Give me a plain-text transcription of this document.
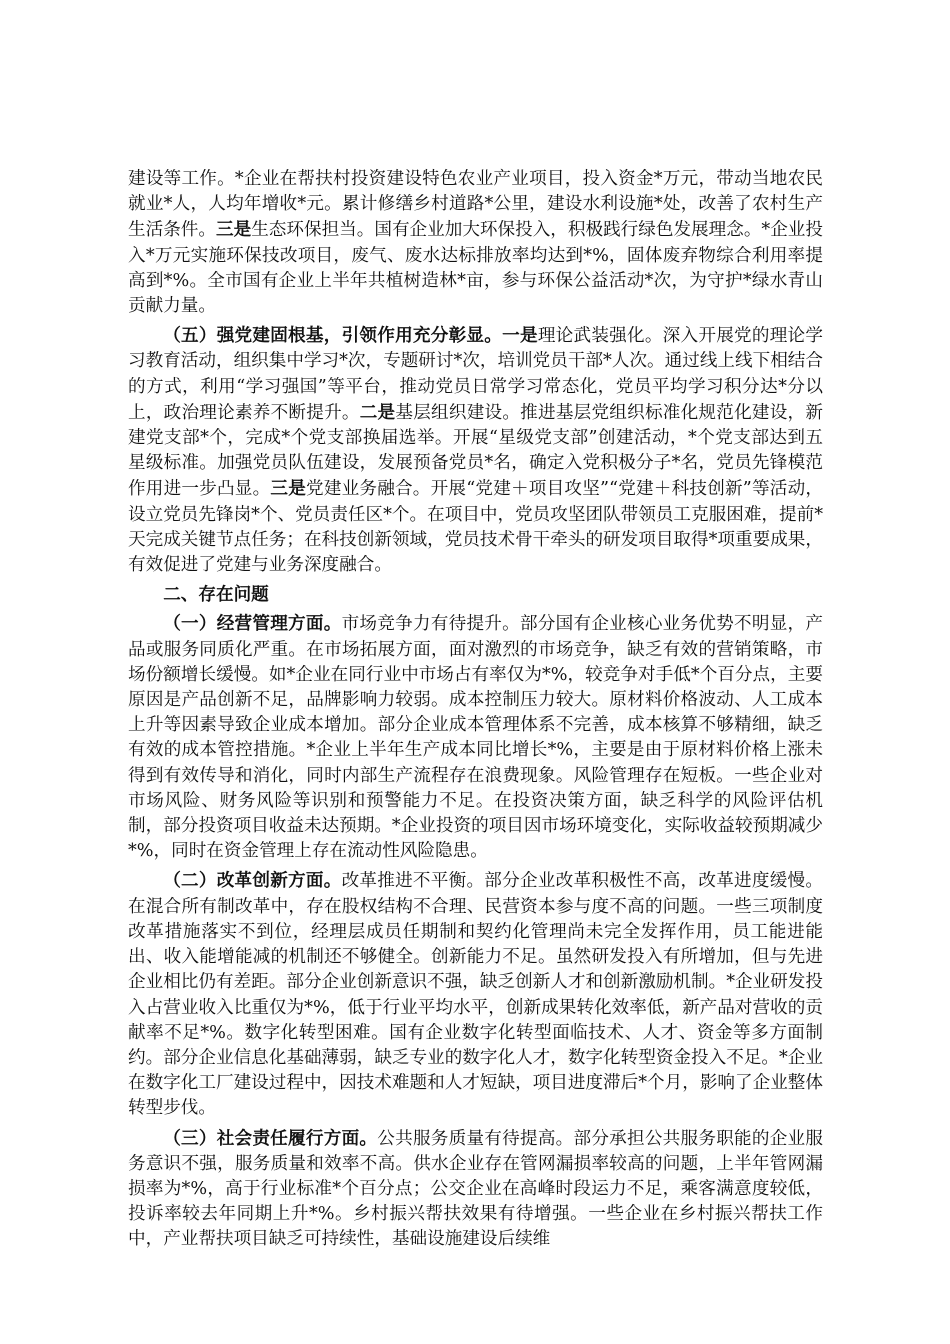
建设等工作。*企业在帮扶村投资建设特色农业产业项目，投入资金*万元，带动当地农民就业*人，人均年增收*元。累计修缮乡村道路*公里，建设水利设施*处，改善了农村生产生活条件。三是生态环保担当。国有企业加大环保投入，积极践行绿色发展理念。*企业投入*万元实施环保技改项目，废气、废水达标排放率均达到*%，固体废弃物综合利用率提高到*%。全市国有企业上半年共植树造林*亩，参与环保公益活动*次，为守护*绿水青山贡献力量。

（五）强党建固根基，引领作用充分彰显。一是理论武装强化。深入开展党的理论学习教育活动，组织集中学习*次，专题研讨*次，培训党员干部*人次。通过线上线下相结合的方式，利用“学习强国”等平台，推动党员日常学习常态化，党员平均学习积分达*分以上，政治理论素养不断提升。二是基层组织建设。推进基层党组织标准化规范化建设，新建党支部*个，完成*个党支部换届选举。开展“星级党支部”创建活动，*个党支部达到五星级标准。加强党员队伍建设，发展预备党员*名，确定入党积极分子*名，党员先锋模范作用进一步凸显。三是党建业务融合。开展“党建＋项目攻坚”“党建＋科技创新”等活动，设立党员先锋岗*个、党员责任区*个。在项目中，党员攻坚团队带领员工克服困难，提前*天完成关键节点任务；在科技创新领域，党员技术骨干牵头的研发项目取得*项重要成果，有效促进了党建与业务深度融合。

二、存在问题

（一）经营管理方面。市场竞争力有待提升。部分国有企业核心业务优势不明显，产品或服务同质化严重。在市场拓展方面，面对激烈的市场竞争，缺乏有效的营销策略，市场份额增长缓慢。如*企业在同行业中市场占有率仅为*%，较竞争对手低*个百分点，主要原因是产品创新不足，品牌影响力较弱。成本控制压力较大。原材料价格波动、人工成本上升等因素导致企业成本增加。部分企业成本管理体系不完善，成本核算不够精细，缺乏有效的成本管控措施。*企业上半年生产成本同比增长*%，主要是由于原材料价格上涨未得到有效传导和消化，同时内部生产流程存在浪费现象。风险管理存在短板。一些企业对市场风险、财务风险等识别和预警能力不足。在投资决策方面，缺乏科学的风险评估机制，部分投资项目收益未达预期。*企业投资的项目因市场环境变化，实际收益较预期减少*%，同时在资金管理上存在流动性风险隐患。

（二）改革创新方面。改革推进不平衡。部分企业改革积极性不高，改革进度缓慢。在混合所有制改革中，存在股权结构不合理、民营资本参与度不高的问题。一些三项制度改革措施落实不到位，经理层成员任期制和契约化管理尚未完全发挥作用，员工能进能出、收入能增能减的机制还不够健全。创新能力不足。虽然研发投入有所增加，但与先进企业相比仍有差距。部分企业创新意识不强，缺乏创新人才和创新激励机制。*企业研发投入占营业收入比重仅为*%，低于行业平均水平，创新成果转化效率低，新产品对营收的贡献率不足*%。数字化转型困难。国有企业数字化转型面临技术、人才、资金等多方面制约。部分企业信息化基础薄弱，缺乏专业的数字化人才，数字化转型资金投入不足。*企业在数字化工厂建设过程中，因技术难题和人才短缺，项目进度滞后*个月，影响了企业整体转型步伐。

（三）社会责任履行方面。公共服务质量有待提高。部分承担公共服务职能的企业服务意识不强，服务质量和效率不高。供水企业存在管网漏损率较高的问题，上半年管网漏损率为*%，高于行业标准*个百分点；公交企业在高峰时段运力不足，乘客满意度较低，投诉率较去年同期上升*%。乡村振兴帮扶效果有待增强。一些企业在乡村振兴帮扶工作中，产业帮扶项目缺乏可持续性，基础设施建设后续维
